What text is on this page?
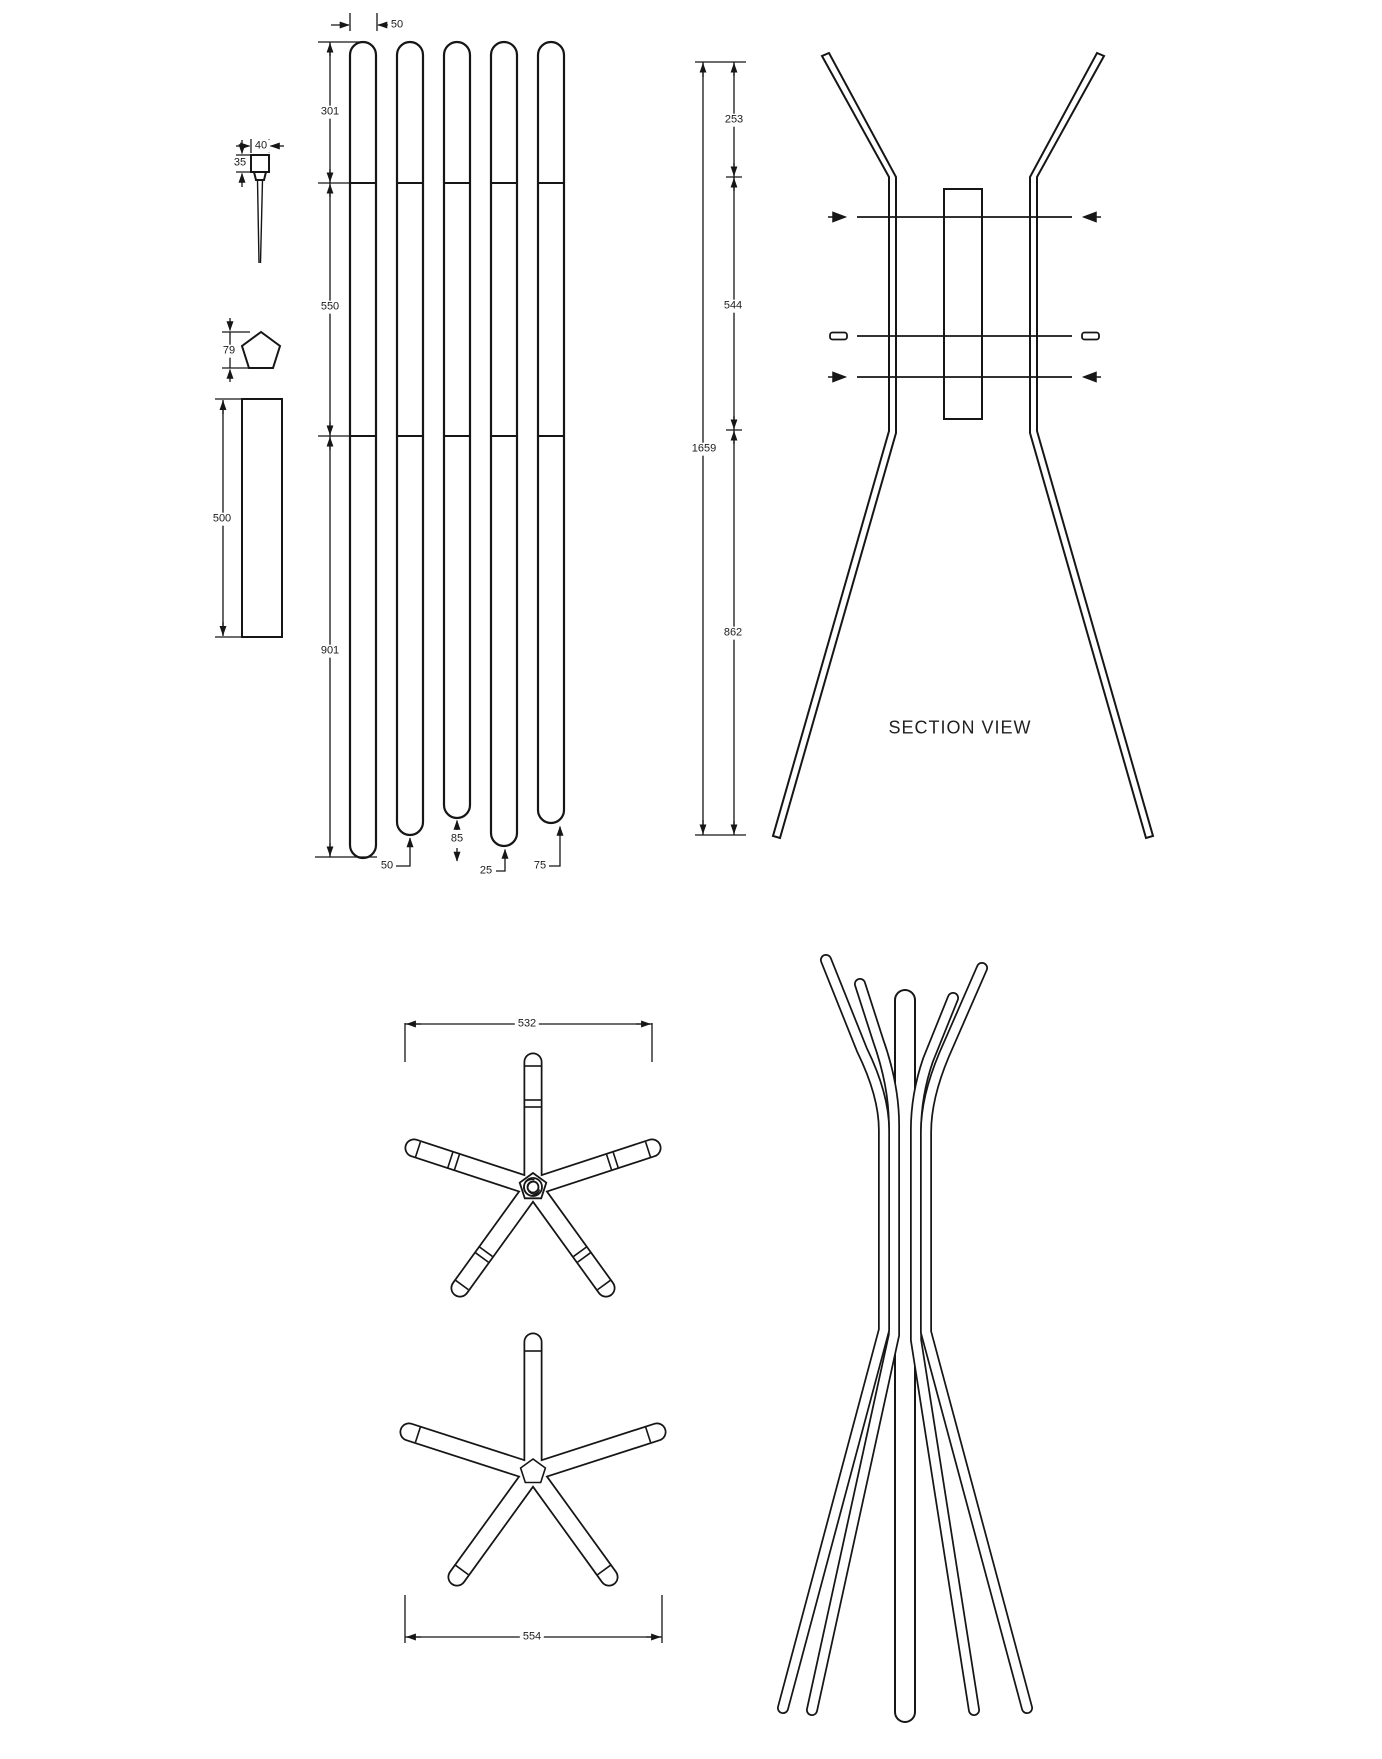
40
35
79
500
50
301
550
901
50
85
25	75
253
544
1659
862
SECTION VIEW
532
554
